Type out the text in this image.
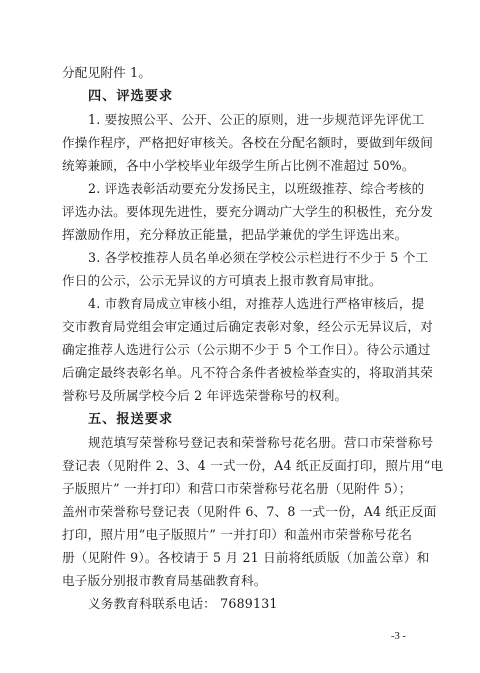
分配见附件 1。
四、评选要求
1. 要按照公平、公开、公正的原则，进一步规范评先评优工
作操作程序，严格把好审核关。各校在分配名额时，要做到年级间
统筹兼顾，各中小学校毕业年级学生所占比例不准超过 50%。
2. 评选表彰活动要充分发扬民主，以班级推荐、综合考核的
评选办法。要体现先进性，要充分调动广大学生的积极性，充分发
挥激励作用，充分释放正能量，把品学兼优的学生评选出来。
3. 各学校推荐人员名单必须在学校公示栏进行不少于 5 个工
作日的公示，公示无异议的方可填表上报市教育局审批。
4. 市教育局成立审核小组，对推荐人选进行严格审核后，提
交市教育局党组会审定通过后确定表彰对象，经公示无异议后，对
确定推荐人选进行公示（公示期不少于 5 个工作日）。待公示通过
后确定最终表彰名单。凡不符合条件者被检举查实的，将取消其荣
誉称号及所属学校今后 2 年评选荣誉称号的权利。
五、报送要求
规范填写荣誉称号登记表和荣誉称号花名册。营口市荣誉称号
登记表（见附件 2、3、4 一式一份，A4 纸正反面打印，照片用“电
子版照片” 一并打印）和营口市荣誉称号花名册（见附件 5）；
盖州市荣誉称号登记表（见附件 6、7、8 一式一份，A4 纸正反面
打印，照片用“电子版照片” 一并打印）和盖州市荣誉称号花名
册（见附件 9）。各校请于 5 月 21 日前将纸质版（加盖公章）和
电子版分别报市教育局基础教育科。
义务教育科联系电话： 7689131
-3 -
